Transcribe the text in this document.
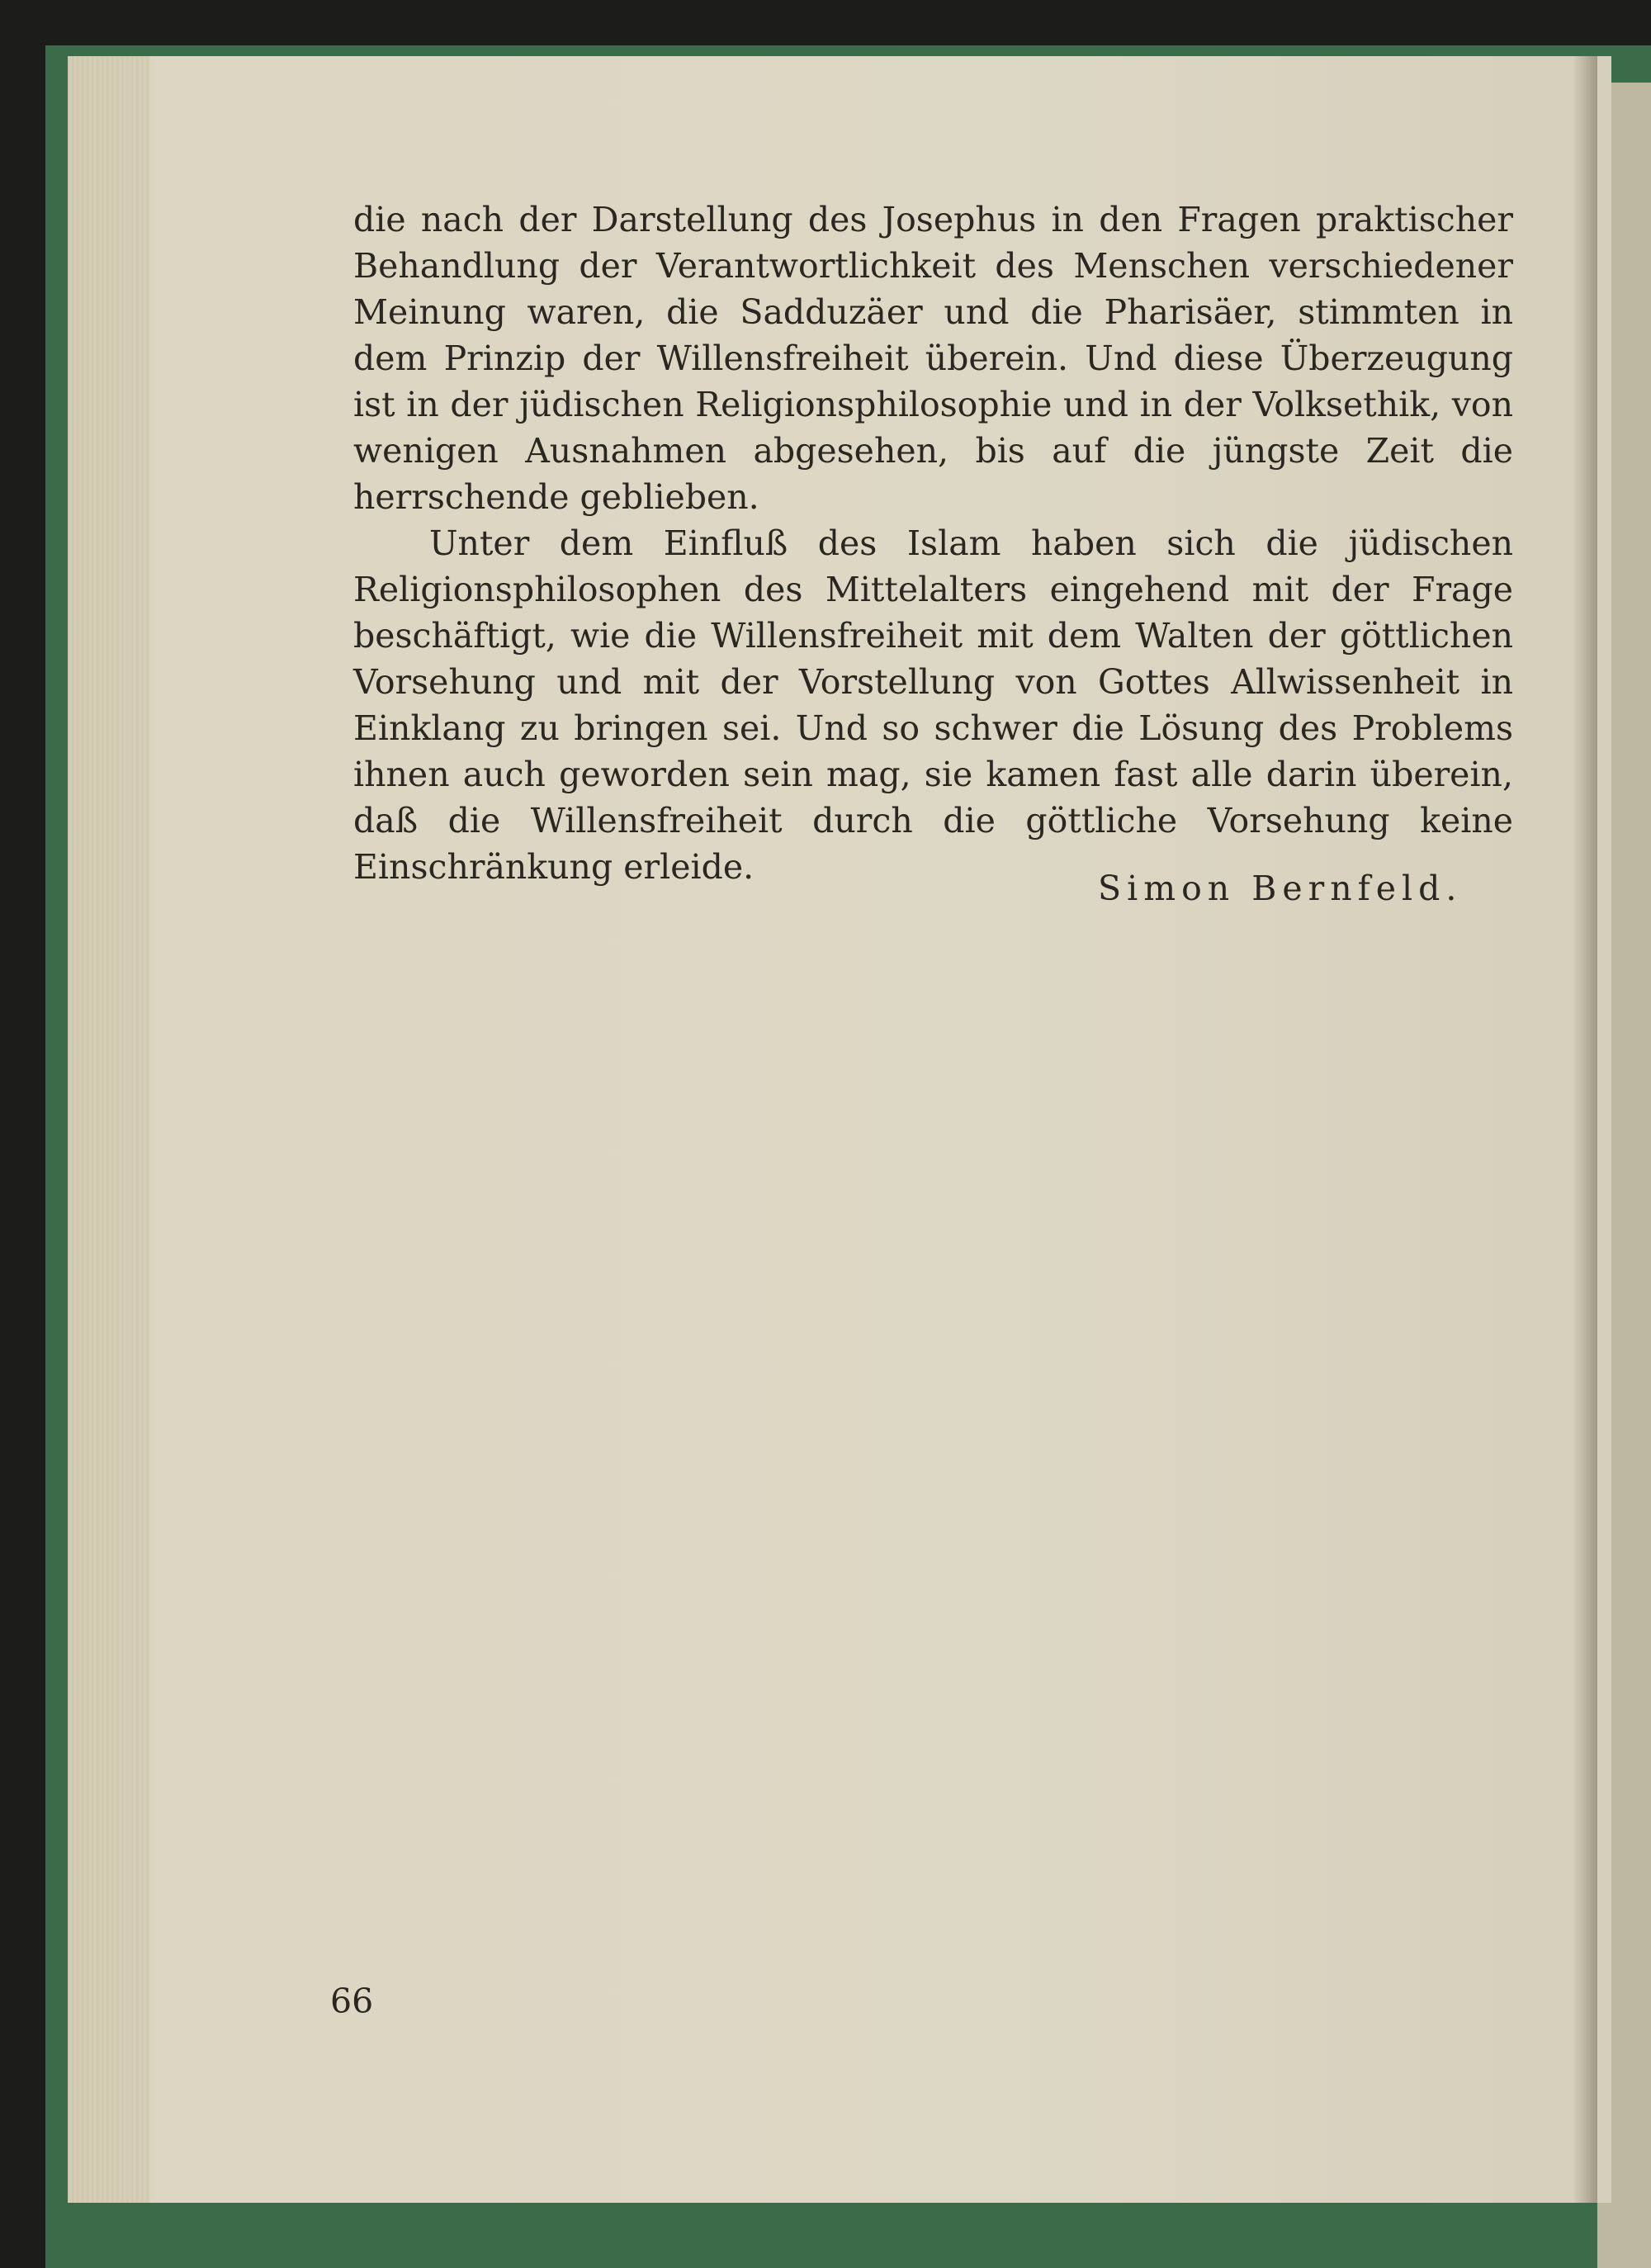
die nach der Darstellung des Josephus in den Fragen praktischer Behandlung der Verantwortlichkeit des Menschen verschiedener Meinung waren, die Sadduzäer und die Pharisäer, stimmten in dem Prinzip der Willensfreiheit überein. Und diese Überzeugung ist in der jüdischen Religionsphilosophie und in der Volksethik, von wenigen Ausnahmen abgesehen, bis auf die jüngste Zeit die herrschende geblieben.

Unter dem Einfluß des Islam haben sich die jüdischen Religionsphilosophen des Mittelalters eingehend mit der Frage beschäftigt, wie die Willensfreiheit mit dem Walten der göttlichen Vorsehung und mit der Vorstellung von Gottes Allwissenheit in Einklang zu bringen sei. Und so schwer die Lösung des Problems ihnen auch geworden sein mag, sie kamen fast alle darin überein, daß die Willensfreiheit durch die göttliche Vorsehung keine Einschränkung erleide.

Simon Bernfeld.
66
